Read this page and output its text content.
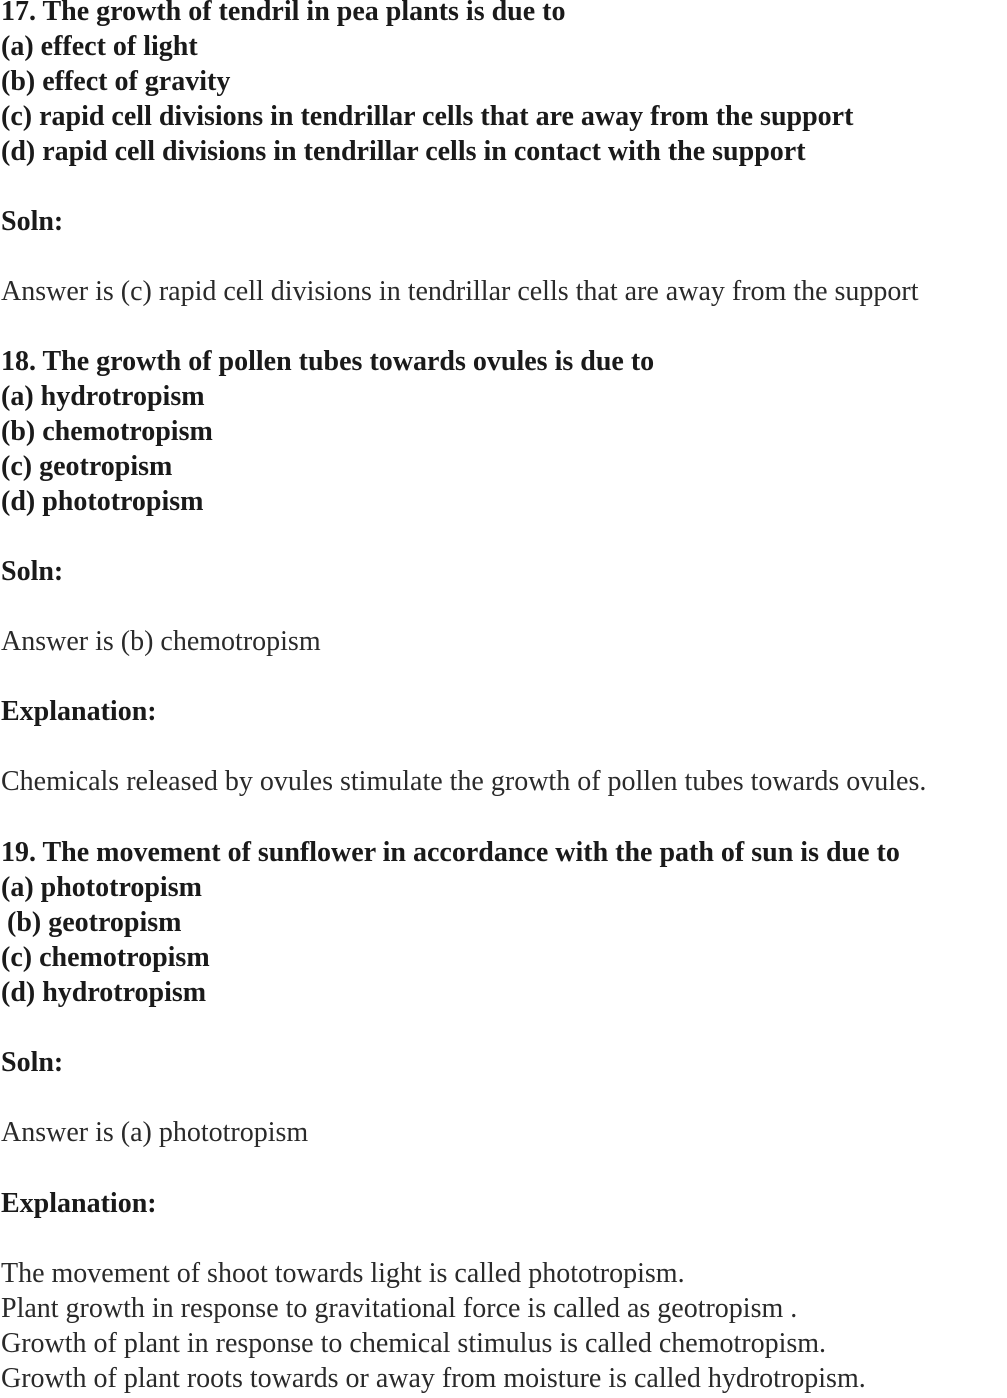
17. The growth of tendril in pea plants is due to
(a) effect of light
(b) effect of gravity
(c) rapid cell divisions in tendrillar cells that are away from the support
(d) rapid cell divisions in tendrillar cells in contact with the support
Soln:
Answer is (c) rapid cell divisions in tendrillar cells that are away from the support
18. The growth of pollen tubes towards ovules is due to
(a) hydrotropism
(b) chemotropism
(c) geotropism
(d) phototropism
Soln:
Answer is (b) chemotropism
Explanation:
Chemicals released by ovules stimulate the growth of pollen tubes towards ovules.
19. The movement of sunflower in accordance with the path of sun is due to
(a) phototropism
(b) geotropism
(c) chemotropism
(d) hydrotropism
Soln:
Answer is (a) phototropism
Explanation:
The movement of shoot towards light is called phototropism.
Plant growth in response to gravitational force is called as geotropism .
Growth of plant in response to chemical stimulus is called chemotropism.
Growth of plant roots towards or away from moisture is called hydrotropism.
